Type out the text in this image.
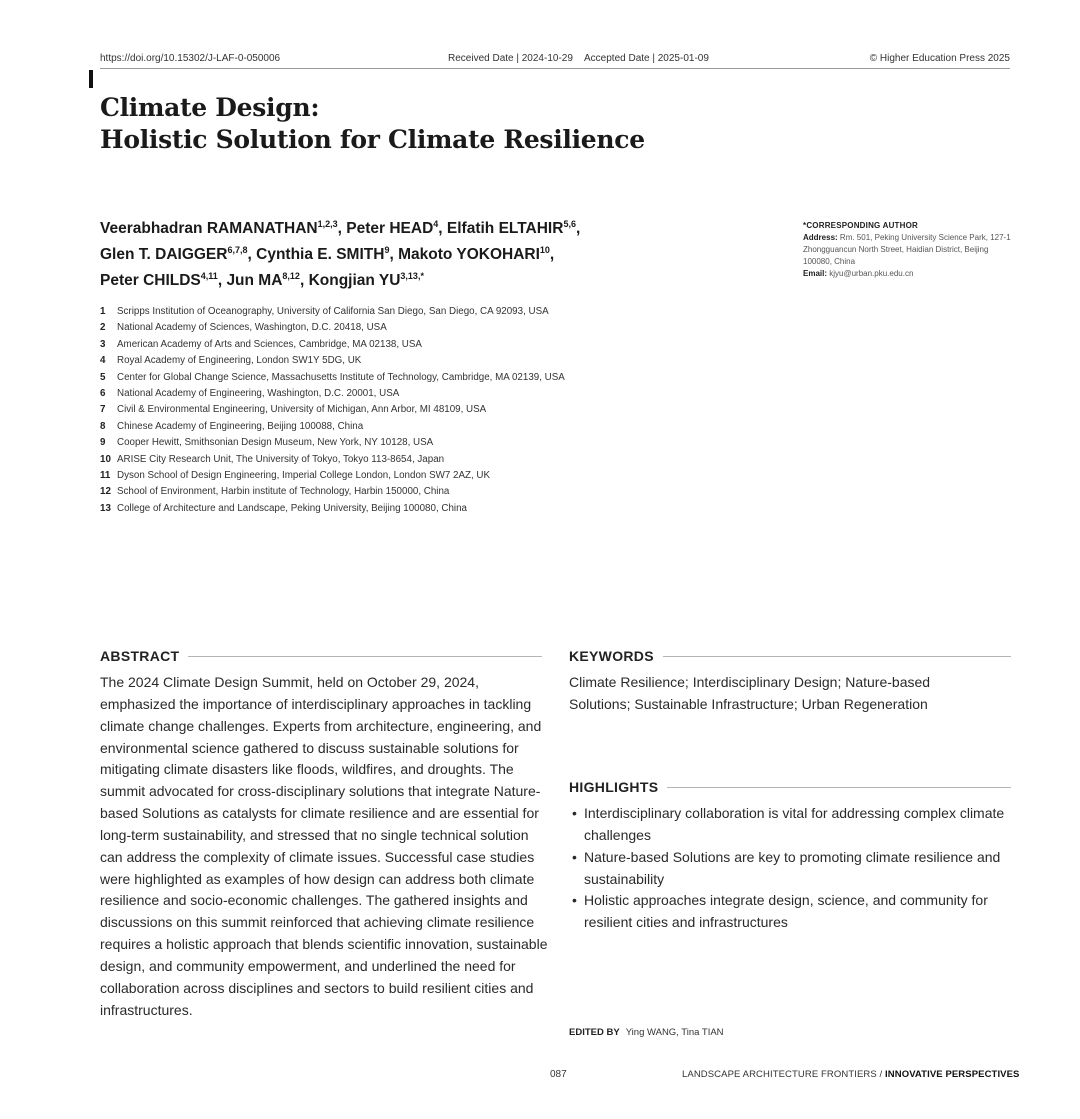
https://doi.org/10.15302/J-LAF-0-050006	Received Date | 2024-10-29 Accepted Date | 2025-01-09	© Higher Education Press 2025
Climate Design:
Holistic Solution for Climate Resilience
Veerabhadran RAMANATHAN$^{1,2,3}$, Peter HEAD$^4$, Elfatih ELTAHIR$^{5,6}$,
Glen T. DAIGGER$^{6,7,8}$, Cynthia E. SMITH$^9$, Makoto YOKOHARI$^{10}$,
Peter CHILDS$^{4,11}$, Jun MA$^{8,12}$, Kongjian $YU^{3,13,*}$
*CORRESPONDING AUTHOR
Address: Rm. 501, Peking University Science Park, 127-1 Zhongguancun North Street, Haidian District, Beijing 100080, China
Email: kjyu@urban.pku.edu.cn
1 Scripps Institution of Oceanography, University of California San Diego, San Diego, CA 92093, USA
2 National Academy of Sciences, Washington, D.C. 20418, USA
3 American Academy of Arts and Sciences, Cambridge, MA 02138, USA
4 Royal Academy of Engineering, London SW1Y 5DG, UK
5 Center for Global Change Science, Massachusetts Institute of Technology, Cambridge, MA 02139, USA
6 National Academy of Engineering, Washington, D.C. 20001, USA
7 Civil & Environmental Engineering, University of Michigan, Ann Arbor, MI 48109, USA
8 Chinese Academy of Engineering, Beijing 100088, China
9 Cooper Hewitt, Smithsonian Design Museum, New York, NY 10128, USA
10 ARISE City Research Unit, The University of Tokyo, Tokyo 113-8654, Japan
11 Dyson School of Design Engineering, Imperial College London, London SW7 2AZ, UK
12 School of Environment, Harbin institute of Technology, Harbin 150000, China
13 College of Architecture and Landscape, Peking University, Beijing 100080, China
ABSTRACT
The 2024 Climate Design Summit, held on October 29, 2024, emphasized the importance of interdisciplinary approaches in tackling climate change challenges. Experts from architecture, engineering, and environmental science gathered to discuss sustainable solutions for mitigating climate disasters like floods, wildfires, and droughts. The summit advocated for cross-disciplinary solutions that integrate Nature-based Solutions as catalysts for climate resilience and are essential for long-term sustainability, and stressed that no single technical solution can address the complexity of climate issues. Successful case studies were highlighted as examples of how design can address both climate resilience and socio-economic challenges. The gathered insights and discussions on this summit reinforced that achieving climate resilience requires a holistic approach that blends scientific innovation, sustainable design, and community empowerment, and underlined the need for collaboration across disciplines and sectors to build resilient cities and infrastructures.
KEYWORDS
Climate Resilience; Interdisciplinary Design; Nature-based Solutions; Sustainable Infrastructure; Urban Regeneration
HIGHLIGHTS
• Interdisciplinary collaboration is vital for addressing complex climate challenges
• Nature-based Solutions are key to promoting climate resilience and sustainability
• Holistic approaches integrate design, science, and community for resilient cities and infrastructures
EDITED BY Ying WANG, Tina TIAN
087	LANDSCAPE ARCHITECTURE FRONTIERS / INNOVATIVE PERSPECTIVES
